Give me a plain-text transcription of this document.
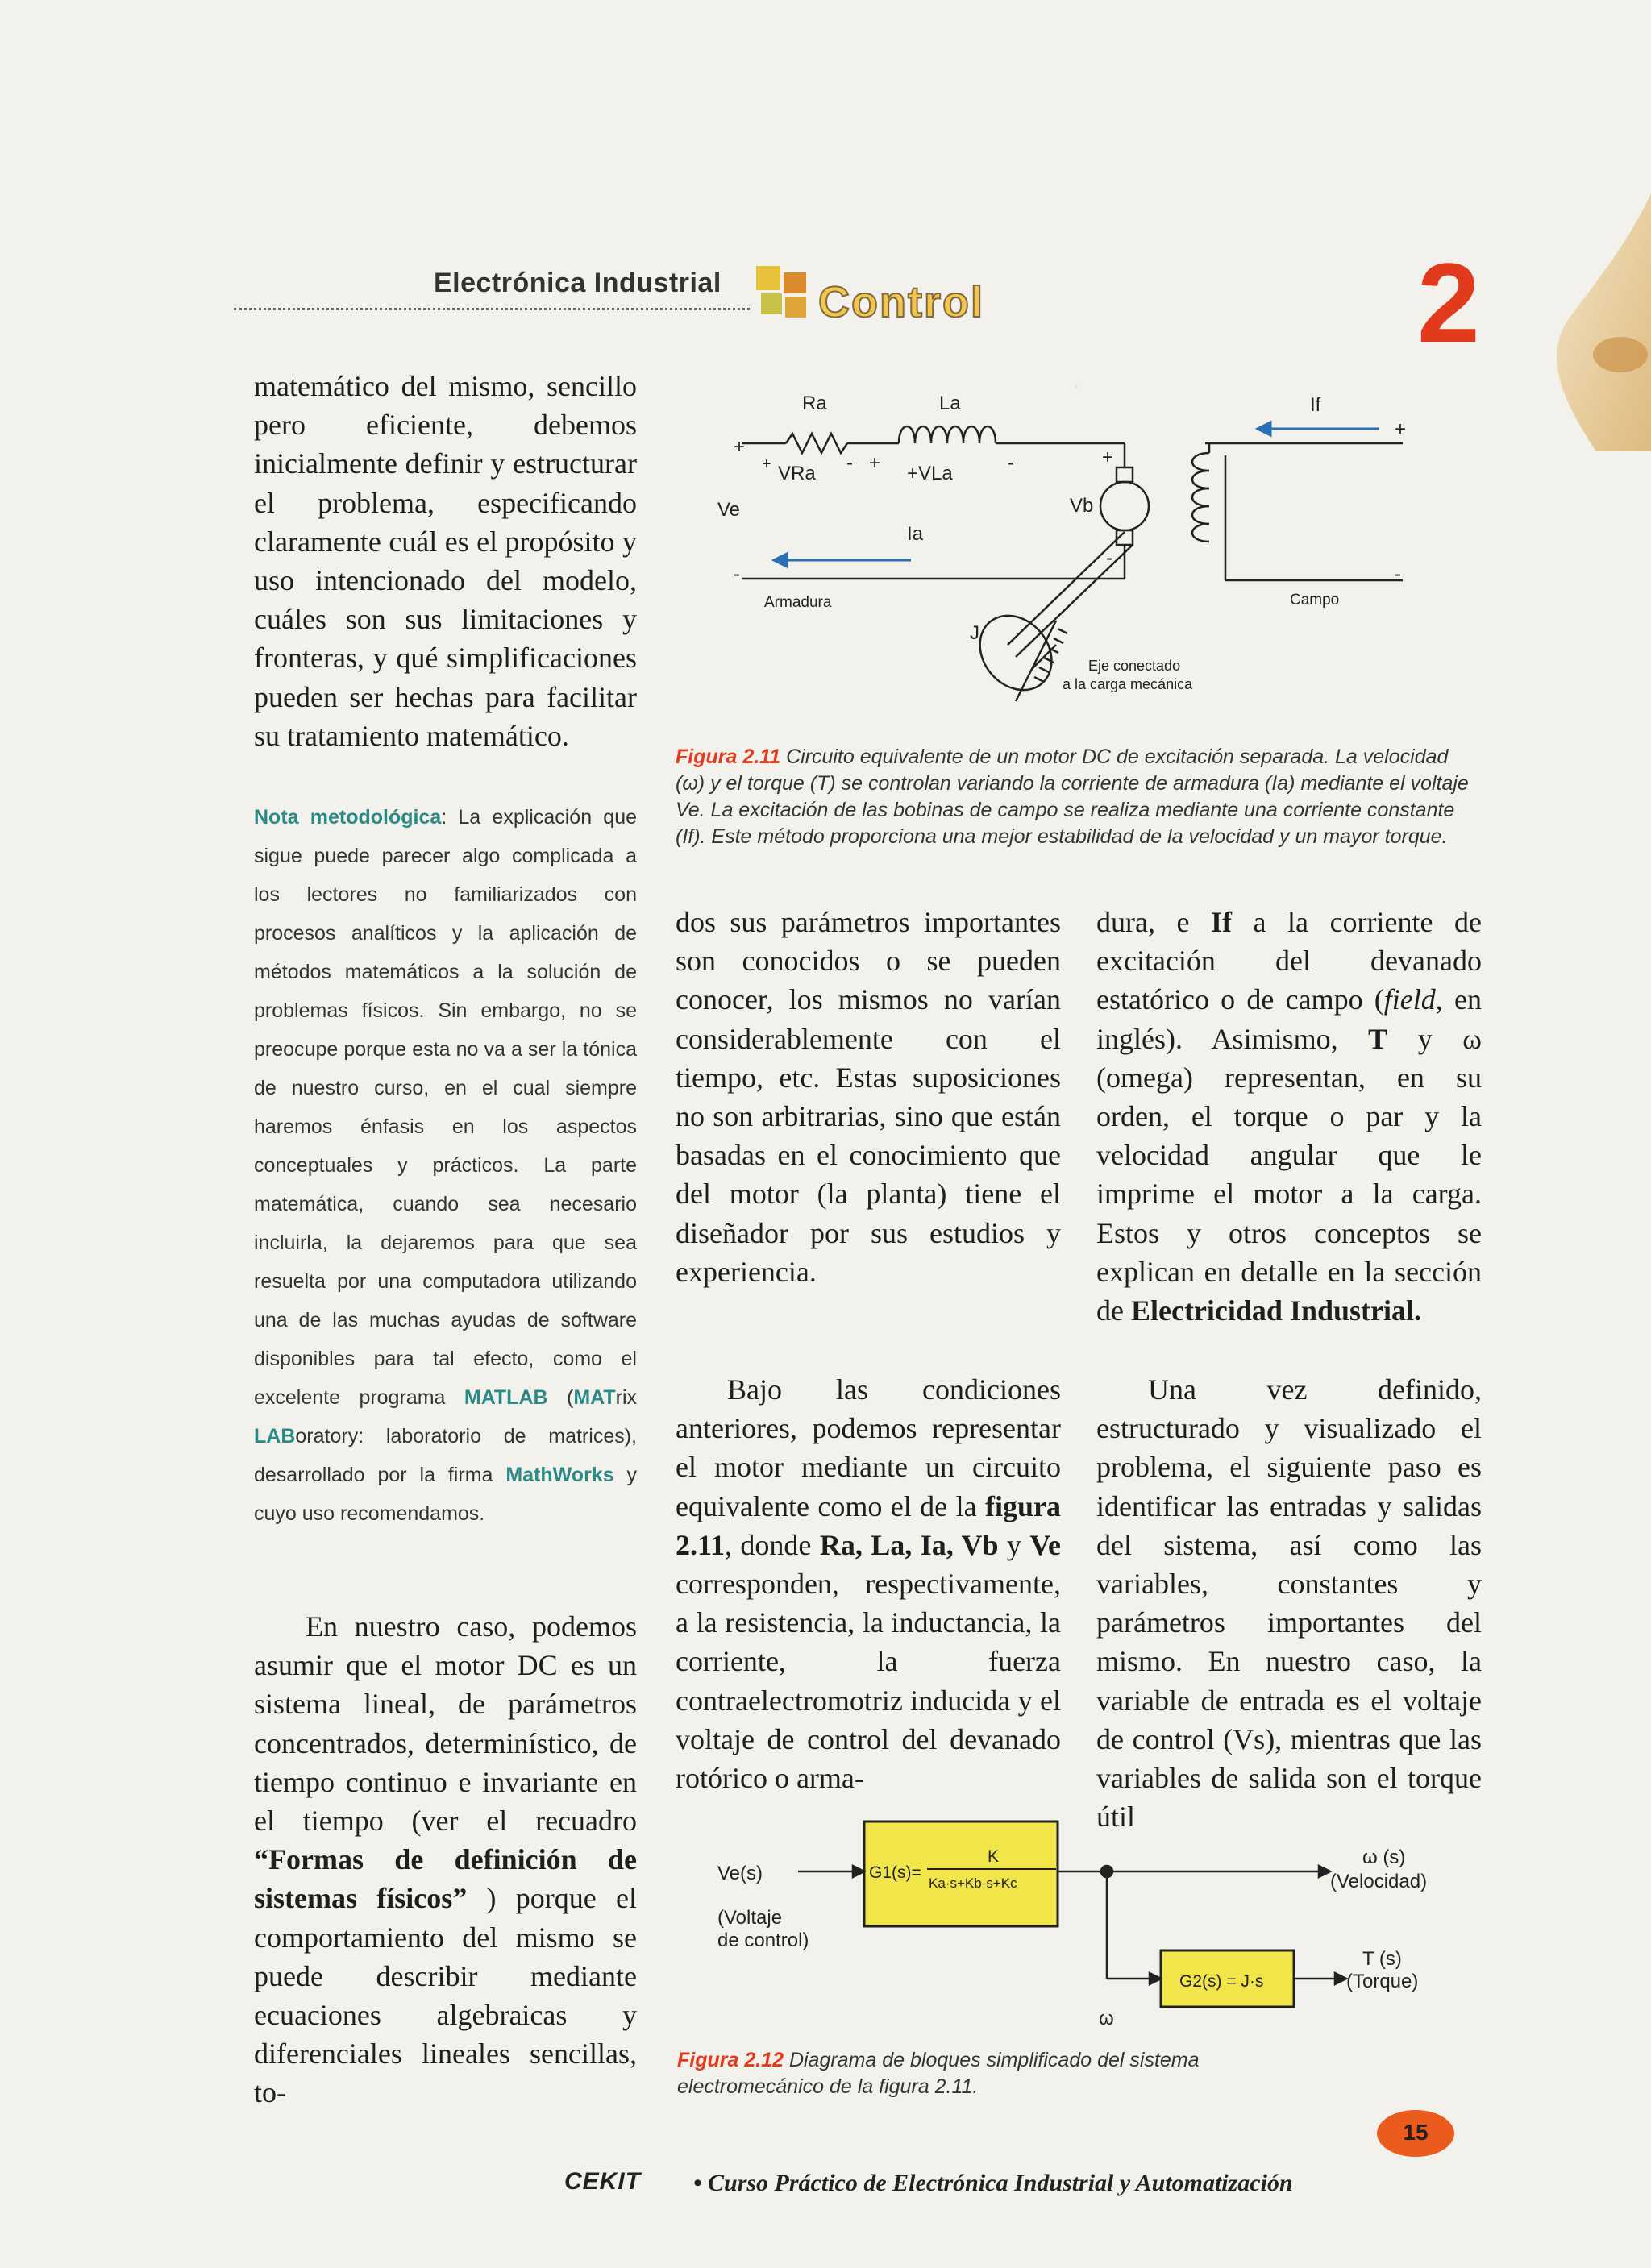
·
Electrónica Industrial Control	2

matemático del mismo, sencillo pero eficiente, debemos inicialmente definir y estructurar el problema, especificando claramente cuál es el propósito y uso intencionado del modelo, cuáles son sus limitaciones y fronteras, y qué simplificaciones pueden ser hechas para facilitar su tratamiento matemático.

Nota metodológica: La explicación que sigue puede parecer algo complicada a los lectores no familiarizados con procesos analíticos y la aplicación de métodos matemáticos a la solución de problemas físicos. Sin embargo, no se preocupe porque esta no va a ser la tónica de nuestro curso, en el cual siempre haremos énfasis en los aspectos conceptuales y prácticos. La parte matemática, cuando sea necesario incluirla, la dejaremos para que sea resuelta por una computadora utilizando una de las muchas ayudas de software disponibles para tal efecto, como el excelente programa MATLAB (MATrix LABoratory: laboratorio de matrices), desarrollado por la firma MathWorks y cuyo uso recomendamos.

En nuestro caso, podemos asumir que el motor DC es un sistema lineal, de parámetros concentrados, determinístico, de tiempo continuo e invariante en el tiempo (ver el recuadro “Formas de definición de sistemas físicos” ) porque el comportamiento del mismo se puede describir mediante ecuaciones algebraicas y diferenciales lineales sencillas, to-

Ra	La	If
+
+ VRa - + +VLa	-
Ve	Vb
+
-
Ia
-
+
-
Armadura	Campo
J
Eje conectado
a la carga mecánica
Figura 2.11 Circuito equivalente de un motor DC de excitación separada. La velocidad (ω) y el torque (T) se controlan variando la corriente de armadura (Ia) mediante el voltaje Ve. La excitación de las bobinas de campo se realiza mediante una corriente constante (If). Este método proporciona una mejor estabilidad de la velocidad y un mayor torque.

dos sus parámetros importantes son conocidos o se pueden conocer, los mismos no varían considerablemente con el tiempo, etc. Estas suposiciones no son arbitrarias, sino que están basadas en el conocimiento que del motor (la planta) tiene el diseñador por sus estudios y experiencia.

Bajo las condiciones anteriores, podemos representar el motor mediante un circuito equivalente como el de la figura 2.11, donde Ra, La, Ia, Vb y Ve corresponden, respectivamente, a la resistencia, la inductancia, la corriente, la fuerza contraelectromotriz inducida y el voltaje de control del devanado rotórico o arma-

dura, e If a la corriente de excitación del devanado estatórico o de campo (field, en inglés). Asimismo, T y ω (omega) representan, en su orden, el torque o par y la velocidad angular que le imprime el motor a la carga. Estos y otros conceptos se explican en detalle en la sección de Electricidad Industrial.

Una vez definido, estructurado y visualizado el problema, el siguiente paso es identificar las entradas y salidas del sistema, así como las variables, constantes y parámetros importantes del mismo. En nuestro caso, la variable de entrada es el voltaje de control (Vs), mientras que las variables de salida son el torque útil

Ve(s)
(Voltaje
de control)
G1(s)=
K
Ka·s+Kb·s+Kc
G2(s) = J·s
ω
ω (s)
(Velocidad)
T (s)
(Torque)
Figura 2.12 Diagrama de bloques simplificado del sistema electromecánico de la figura 2.11.
CEKIT • Curso Práctico de Electrónica Industrial y Automatización
15
